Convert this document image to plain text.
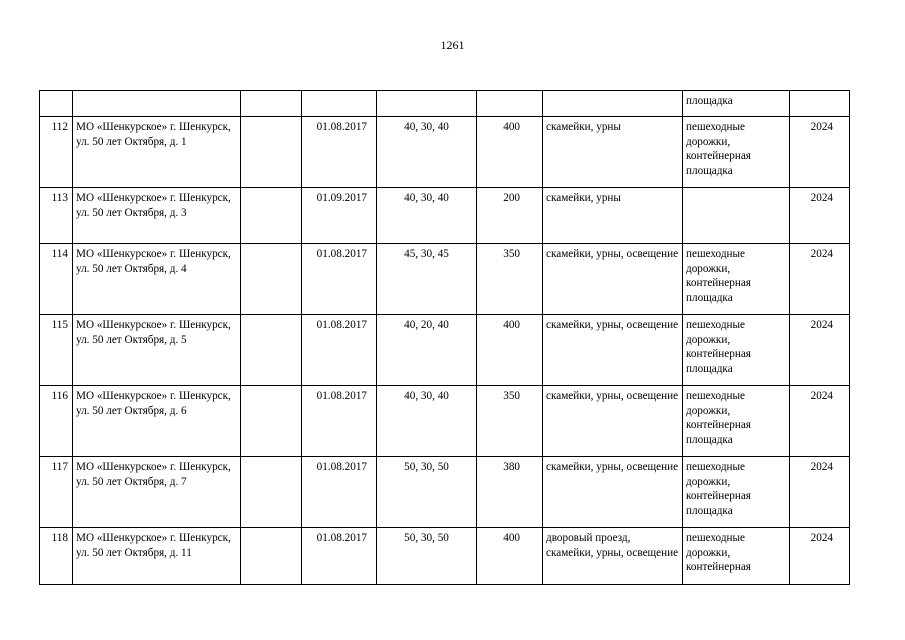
1261
							площадка	
112	МО «Шенкурское» г. Шенкурск, ул. 50 лет Октября, д. 1		01.08.2017	40, 30, 40	400	скамейки, урны	пешеходные дорожки, контейнерная площадка	2024
113	МО «Шенкурское» г. Шенкурск, ул. 50 лет Октября, д. 3		01.09.2017	40, 30, 40	200	скамейки, урны		2024
114	МО «Шенкурское» г. Шенкурск, ул. 50 лет Октября, д. 4		01.08.2017	45, 30, 45	350	скамейки, урны, освещение	пешеходные дорожки, контейнерная площадка	2024
115	МО «Шенкурское» г. Шенкурск, ул. 50 лет Октября, д. 5		01.08.2017	40, 20, 40	400	скамейки, урны, освещение	пешеходные дорожки, контейнерная площадка	2024
116	МО «Шенкурское» г. Шенкурск, ул. 50 лет Октября, д. 6		01.08.2017	40, 30, 40	350	скамейки, урны, освещение	пешеходные дорожки, контейнерная площадка	2024
117	МО «Шенкурское» г. Шенкурск, ул. 50 лет Октября, д. 7		01.08.2017	50, 30, 50	380	скамейки, урны, освещение	пешеходные дорожки, контейнерная площадка	2024
118	МО «Шенкурское» г. Шенкурск, ул. 50 лет Октября, д. 11		01.08.2017	50, 30, 50	400	дворовый проезд, скамейки, урны, освещение	пешеходные дорожки, контейнерная	2024
